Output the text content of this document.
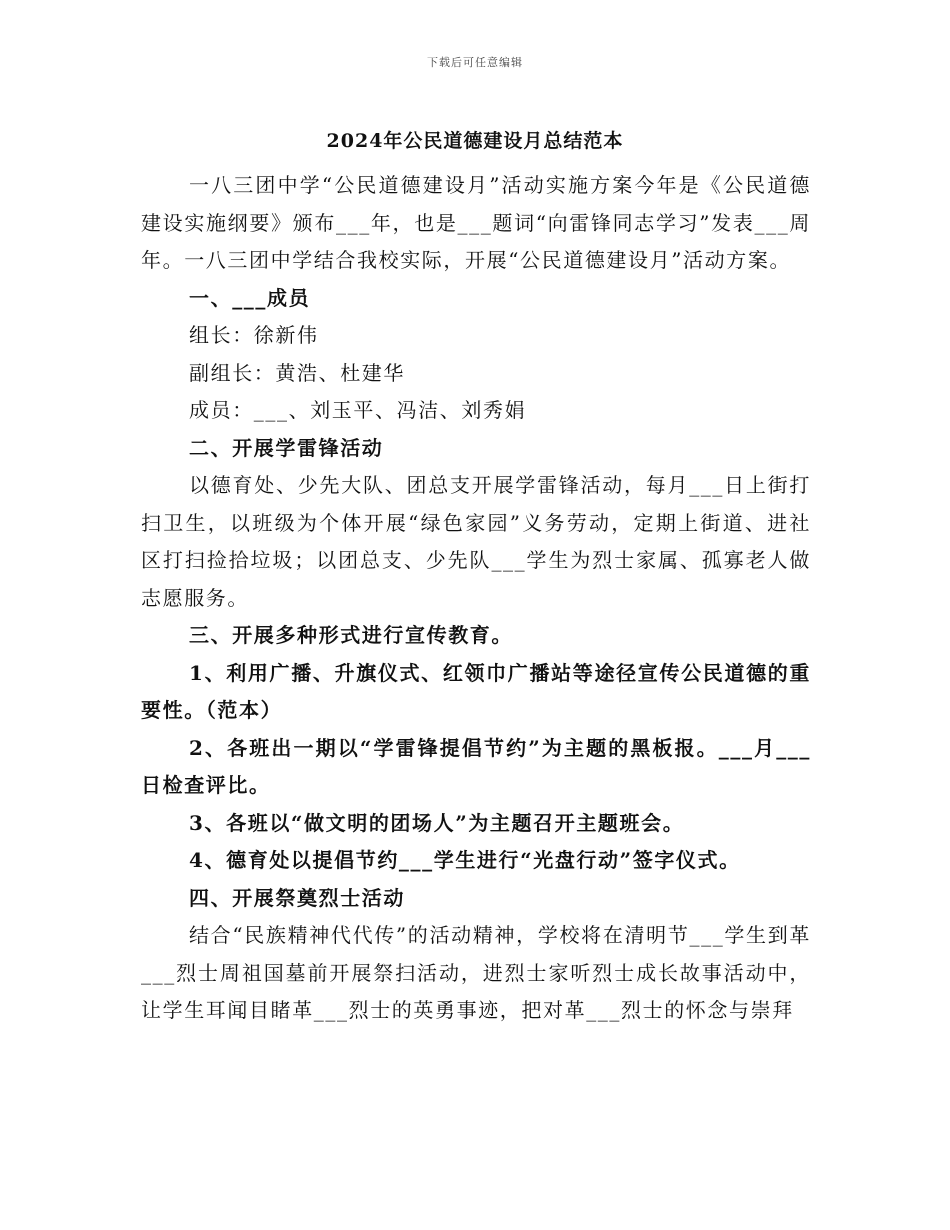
下载后可任意编辑
2024年公民道德建设月总结范本

一八三团中学“公民道德建设月”活动实施方案今年是《公民道德建设实施纲要》颁布___年，也是___题词“向雷锋同志学习”发表___周年。一八三团中学结合我校实际，开展“公民道德建设月”活动方案。

一、___成员

组长：徐新伟

副组长：黄浩、杜建华

成员：___、刘玉平、冯洁、刘秀娟

二、开展学雷锋活动

以德育处、少先大队、团总支开展学雷锋活动，每月___日上街打扫卫生，以班级为个体开展“绿色家园”义务劳动，定期上街道、进社区打扫捡拾垃圾；以团总支、少先队___学生为烈士家属、孤寡老人做志愿服务。

三、开展多种形式进行宣传教育。

1、利用广播、升旗仪式、红领巾广播站等途径宣传公民道德的重要性。（范本）

2、各班出一期以“学雷锋提倡节约”为主题的黑板报。___月___日检查评比。

3、各班以“做文明的团场人”为主题召开主题班会。

4、德育处以提倡节约___学生进行“光盘行动”签字仪式。

四、开展祭奠烈士活动

结合“民族精神代代传”的活动精神，学校将在清明节___学生到革___烈士周祖国墓前开展祭扫活动，进烈士家听烈士成长故事活动中，让学生耳闻目睹革___烈士的英勇事迹，把对革___烈士的怀念与崇拜
